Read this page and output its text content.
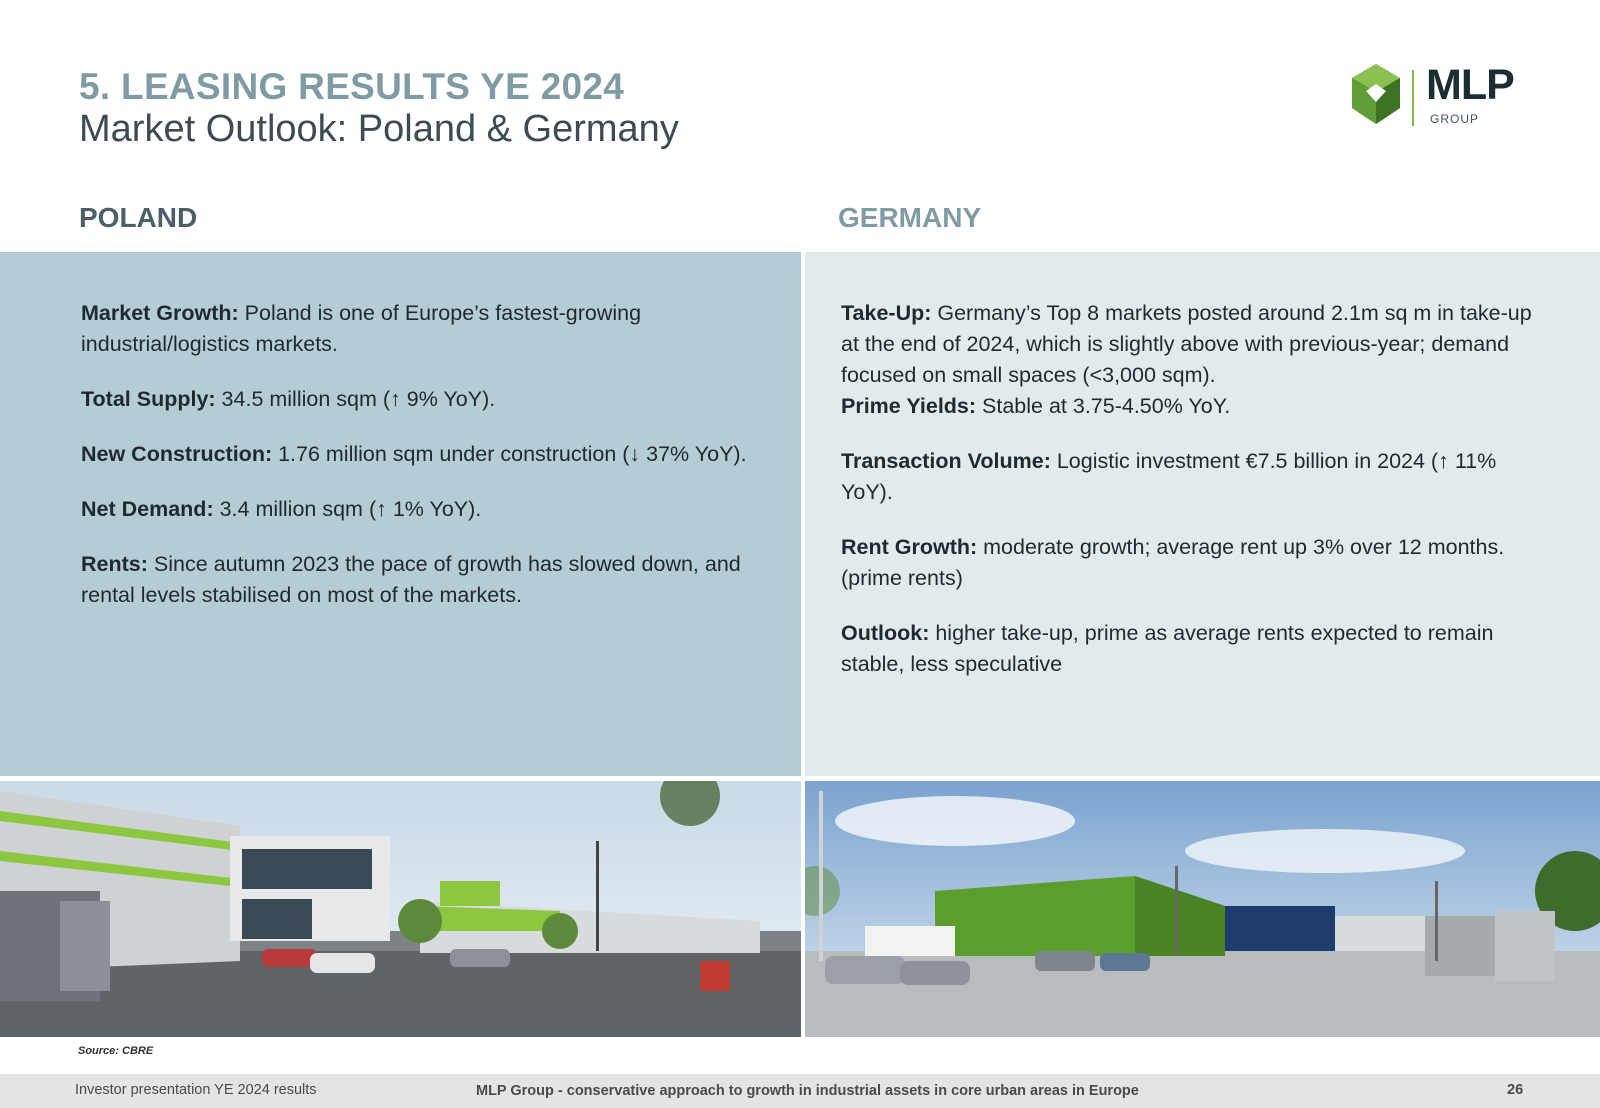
5. LEASING RESULTS YE 2024
Market Outlook: Poland & Germany
MLP
GROUP
POLAND	GERMANY

Market Growth: Poland is one of Europe’s fastest-growing industrial/logistics markets.

Total Supply: 34.5 million sqm (↑ 9% YoY).

New Construction: 1.76 million sqm under construction (↓ 37% YoY).

Net Demand: 3.4 million sqm (↑ 1% YoY).

Rents: Since autumn 2023 the pace of growth has slowed down, and rental levels stabilised on most of the markets.

Take-Up: Germany’s Top 8 markets posted around 2.1m sq m in take-up at the end of 2024, which is slightly above with previous-year; demand focused on small spaces (<3,000 sqm).

Prime Yields: Stable at 3.75-4.50% YoY.

Transaction Volume: Logistic investment €7.5 billion in 2024 (↑ 11% YoY).

Rent Growth: moderate growth; average rent up 3% over 12 months. (prime rents)

Outlook: higher take-up, prime as average rents expected to remain stable, less speculative

Source: CBRE
Investor presentation YE 2024 results	MLP Group - conservative approach to growth in industrial assets in core urban areas in Europe	26
